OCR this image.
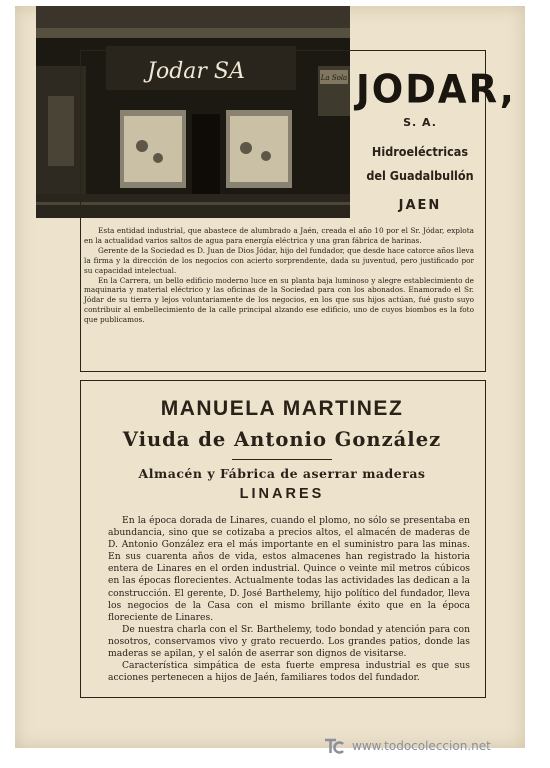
Jodar SA	La Sola JODAR,
S. A.
Hidroeléctricas
del Guadalbullón
JAEN

Esta entidad industrial, que abastece de alumbrado a Jaén, creada el año 10 por el Sr. Jódar, explota en la actualidad varios saltos de agua para energía eléctrica y una gran fábrica de harinas.

Gerente de la Sociedad es D. Juan de Dios Jódar, hijo del fundador, que desde hace catorce años lleva la firma y la dirección de los negocios con acierto sorprendente, dada su juventud, pero justificado por su capacidad intelectual.

En la Carrera, un bello edificio moderno luce en su planta baja luminoso y alegre establecimiento de maquinaria y material eléctrico y las oficinas de la Sociedad para con los abonados. Enamorado el Sr. Jódar de su tierra y lejos voluntariamente de los negocios, en los que sus hijos actúan, fué gusto suyo contribuir al embellecimiento de la calle principal alzando ese edificio, uno de cuyos biombos es la foto que publicamos.

MANUELA MARTINEZ
Viuda de Antonio González
Almacén y Fábrica de aserrar maderas
LINARES

En la época dorada de Linares, cuando el plomo, no sólo se presentaba en abundancia, sino que se cotizaba a precios altos, el almacén de maderas de D. Antonio González era el más importante en el suministro para las minas. En sus cuarenta años de vida, estos almacenes han registrado la historia entera de Linares en el orden industrial. Quince o veinte mil metros cúbicos en las épocas florecientes. Actualmente todas las actividades las dedican a la construcción. El gerente, D. José Barthelemy, hijo político del fundador, lleva los negocios de la Casa con el mismo brillante éxito que en la época floreciente de Linares.

De nuestra charla con el Sr. Barthelemy, todo bondad y atención para con nosotros, conservamos vivo y grato recuerdo. Los grandes patios, donde las maderas se apilan, y el salón de aserrar son dignos de visitarse.

Característica simpática de esta fuerte empresa industrial es que sus acciones pertenecen a hijos de Jaén, familiares todos del fundador.

www.todocoleccion.net
